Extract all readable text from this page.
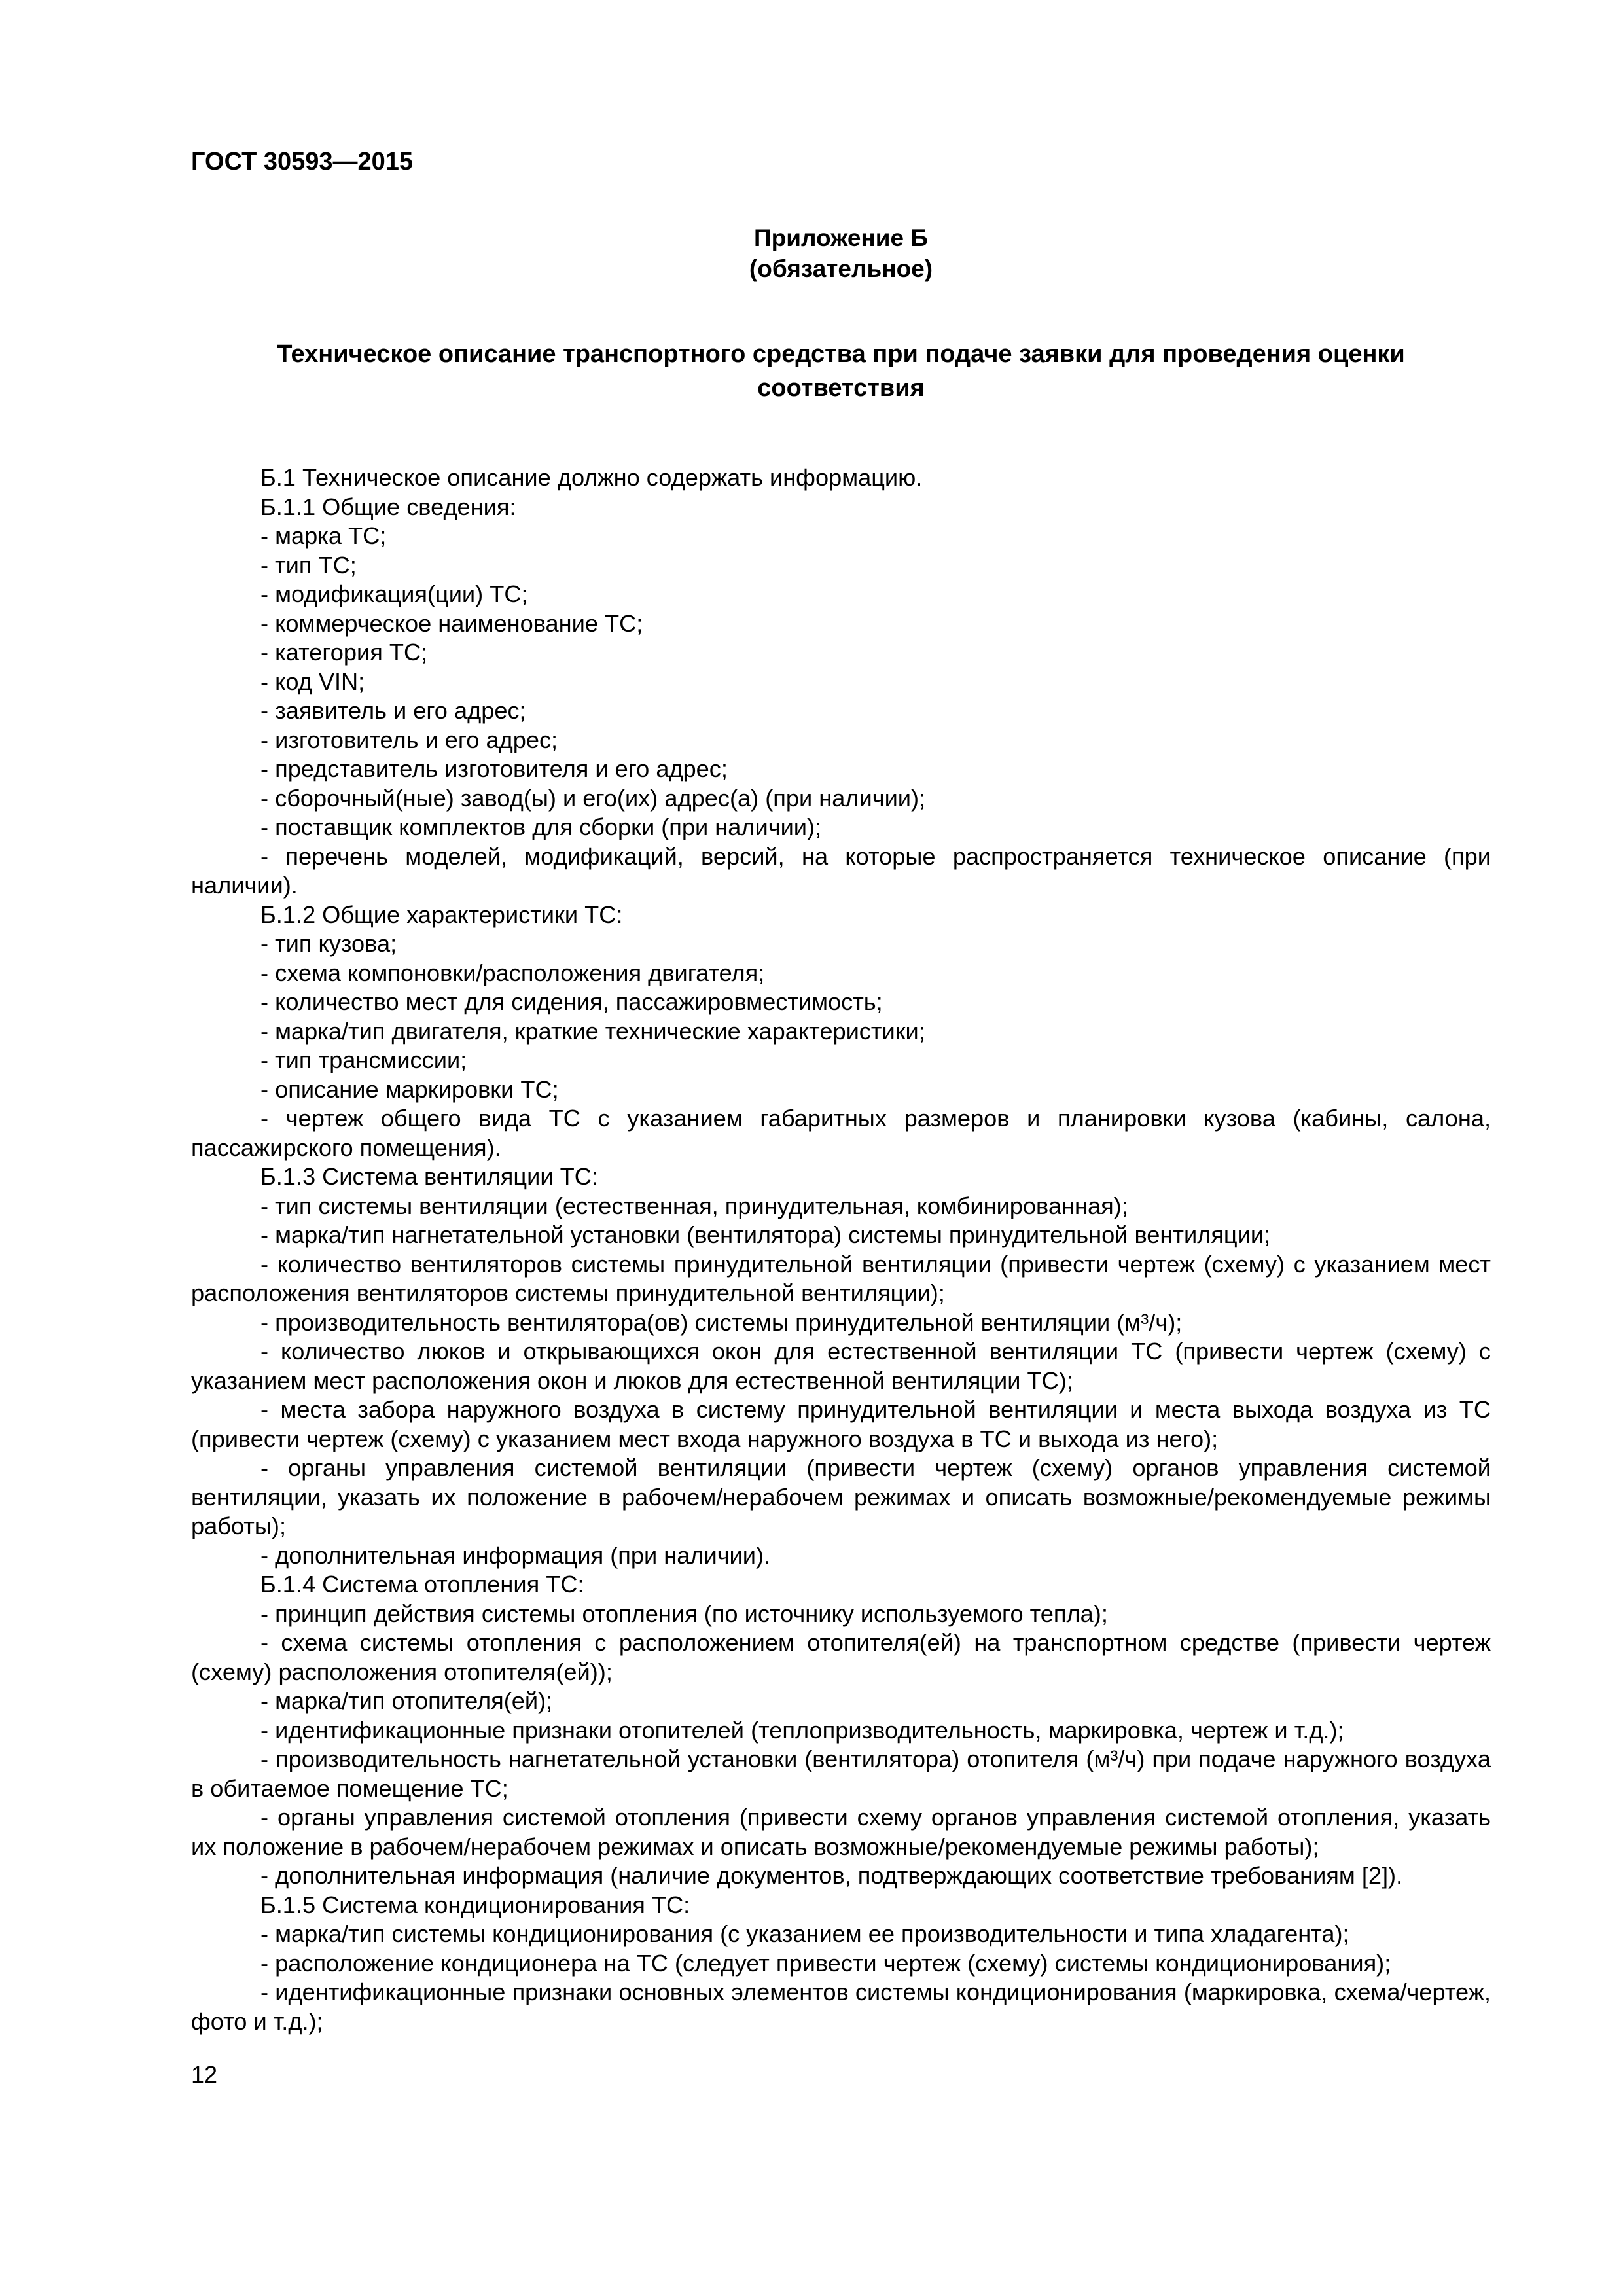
ГОСТ 30593—2015
Приложение Б
(обязательное)
Техническое описание транспортного средства при подаче заявки для проведения оценки соответствия

Б.1 Техническое описание должно содержать информацию.

Б.1.1 Общие сведения:

- марка ТС;

- тип ТС;

- модификация(ции) ТС;

- коммерческое наименование ТС;

- категория ТС;

- код VIN;

- заявитель и его адрес;

- изготовитель и его адрес;

- представитель изготовителя и его адрес;

- сборочный(ные) завод(ы) и его(их) адрес(а) (при наличии);

- поставщик комплектов для сборки (при наличии);

- перечень моделей, модификаций, версий, на которые распространяется техническое описание (при наличии).

Б.1.2 Общие характеристики ТС:

- тип кузова;

- схема компоновки/расположения двигателя;

- количество мест для сидения, пассажировместимость;

- марка/тип двигателя, краткие технические характеристики;

- тип трансмиссии;

- описание маркировки ТС;

- чертеж общего вида ТС с указанием габаритных размеров и планировки кузова (кабины, салона, пассажирского помещения).

Б.1.3 Система вентиляции ТС:

- тип системы вентиляции (естественная, принудительная, комбинированная);

- марка/тип нагнетательной установки (вентилятора) системы принудительной вентиляции;

- количество вентиляторов системы принудительной вентиляции (привести чертеж (схему) с указанием мест расположения вентиляторов системы принудительной вентиляции);

- производительность вентилятора(ов) системы принудительной вентиляции (м³/ч);

- количество люков и открывающихся окон для естественной вентиляции ТС (привести чертеж (схему) с указанием мест расположения окон и люков для естественной вентиляции ТС);

- места забора наружного воздуха в систему принудительной вентиляции и места выхода воздуха из ТС (привести чертеж (схему) с указанием мест входа наружного воздуха в ТС и выхода из него);

- органы управления системой вентиляции (привести чертеж (схему) органов управления системой вентиляции, указать их положение в рабочем/нерабочем режимах и описать возможные/рекомендуемые режимы работы);

- дополнительная информация (при наличии).

Б.1.4 Система отопления ТС:

- принцип действия системы отопления (по источнику используемого тепла);

- схема системы отопления с расположением отопителя(ей) на транспортном средстве (привести чертеж (схему) расположения отопителя(ей));

- марка/тип отопителя(ей);

- идентификационные признаки отопителей (теплопризводительность, маркировка, чертеж и т.д.);

- производительность нагнетательной установки (вентилятора) отопителя (м³/ч) при подаче наружного воздуха в обитаемое помещение ТС;

- органы управления системой отопления (привести схему органов управления системой отопления, указать их положение в рабочем/нерабочем режимах и описать возможные/рекомендуемые режимы работы);

- дополнительная информация (наличие документов, подтверждающих соответствие требованиям [2]).

Б.1.5 Система кондиционирования ТС:

- марка/тип системы кондиционирования (с указанием ее производительности и типа хладагента);

- расположение кондиционера на ТС (следует привести чертеж (схему) системы кондиционирования);

- идентификационные признаки основных элементов системы кондиционирования (маркировка, схема/чертеж, фото и т.д.);

12
